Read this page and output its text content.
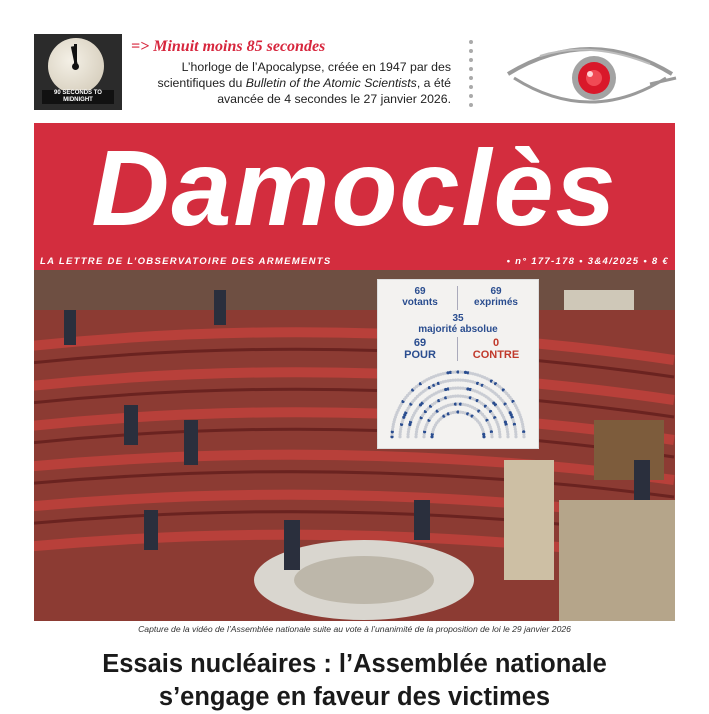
90 SECONDS TO MIDNIGHT
=> Minuit moins 85 secondes
L’horloge de l’Apocalypse, créée en 1947 par des scientifiques du Bulletin of the Atomic Scientists, a été avancée de 4 secondes le 27 janvier 2026.
Damoclès
LA LETTRE DE L’OBSERVATOIRE DES ARMEMENTS	• n° 177-178 • 3&4/2025 • 8 €
69
votants
69
exprimés
35
majorité absolue
69
POUR
0
CONTRE
Capture de la vidéo de l’Assemblée nationale suite au vote à l’unanimité de la proposition de loi le 29 janvier 2026
Essais nucléaires : l’Assemblée nationale
s’engage en faveur des victimes
